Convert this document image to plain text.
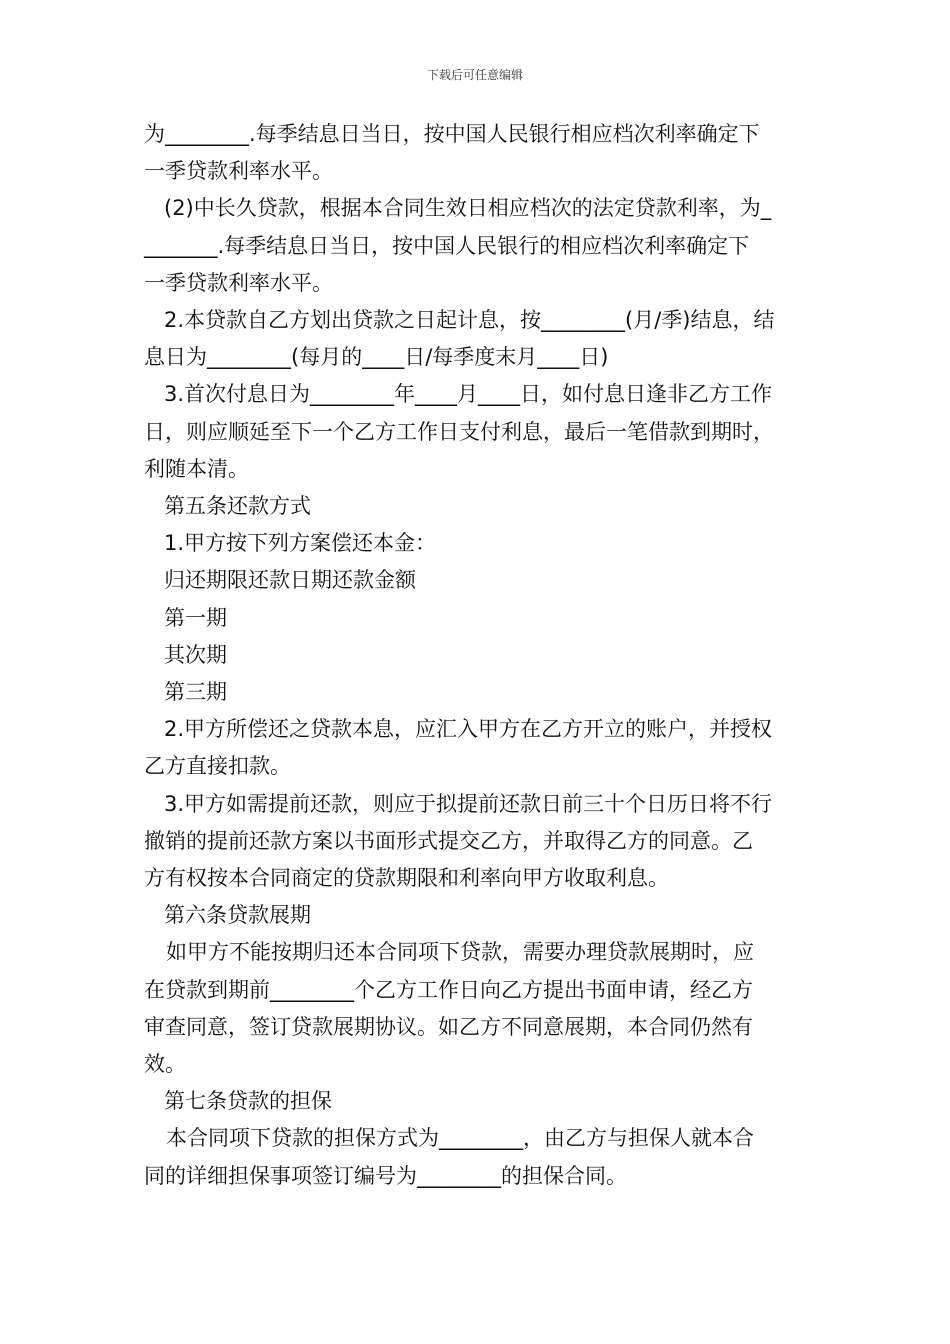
下载后可任意编辑

为________.每季结息日当日，按中国人民银行相应档次利率确定下

一季贷款利率水平。

(2)中长久贷款，根据本合同生效日相应档次的法定贷款利率，为_

_______.每季结息日当日，按中国人民银行的相应档次利率确定下

一季贷款利率水平。

2.本贷款自乙方划出贷款之日起计息，按________(月/季)结息，结

息日为________(每月的____日/每季度末月____日)

3.首次付息日为________年____月____日，如付息日逢非乙方工作

日，则应顺延至下一个乙方工作日支付利息，最后一笔借款到期时，

利随本清。

第五条还款方式

1.甲方按下列方案偿还本金：

归还期限还款日期还款金额

第一期

其次期

第三期

2.甲方所偿还之贷款本息，应汇入甲方在乙方开立的账户，并授权

乙方直接扣款。

3.甲方如需提前还款，则应于拟提前还款日前三十个日历日将不行

撤销的提前还款方案以书面形式提交乙方，并取得乙方的同意。乙

方有权按本合同商定的贷款期限和利率向甲方收取利息。

第六条贷款展期

如甲方不能按期归还本合同项下贷款，需要办理贷款展期时，应

在贷款到期前________个乙方工作日向乙方提出书面申请，经乙方

审查同意，签订贷款展期协议。如乙方不同意展期，本合同仍然有

效。

第七条贷款的担保

本合同项下贷款的担保方式为________，由乙方与担保人就本合

同的详细担保事项签订编号为________的担保合同。
